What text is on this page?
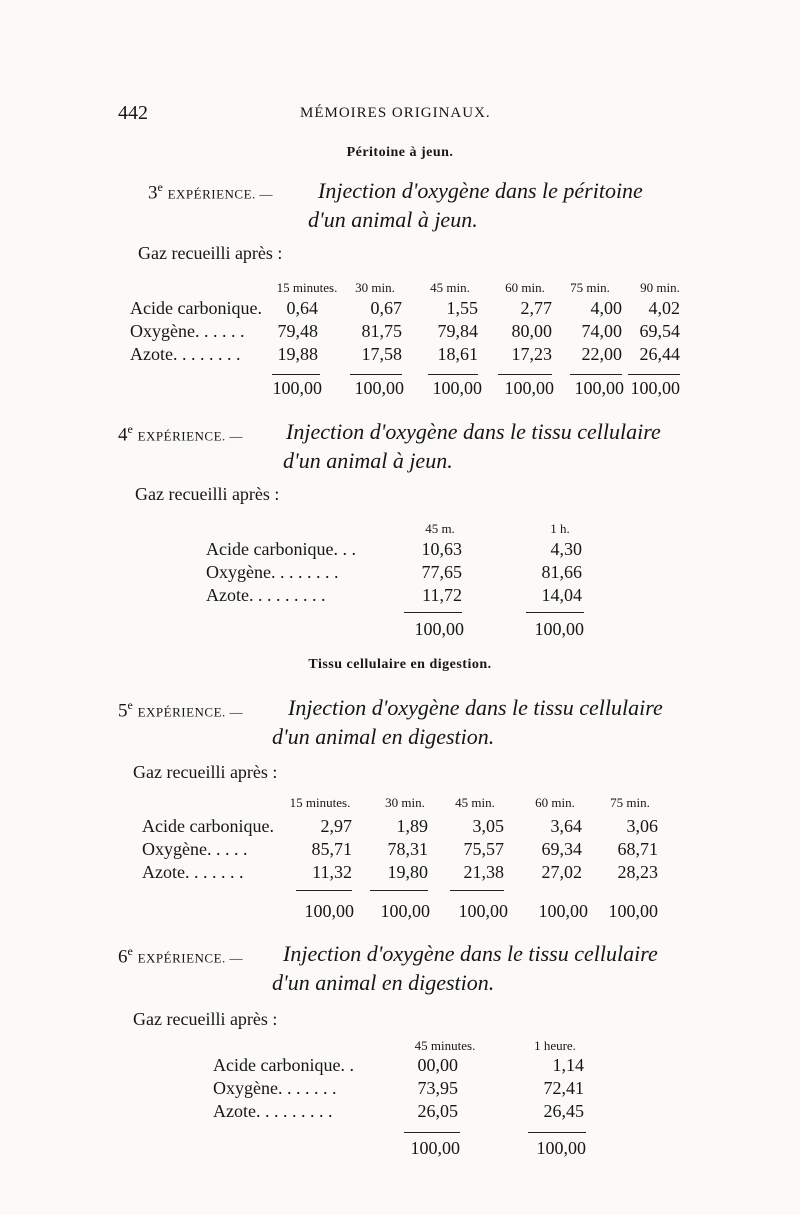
442	MÉMOIRES ORIGINAUX.
Péritoine à jeun.
3e EXPÉRIENCE. — Injection d'oxygène dans le péritoine
d'un animal à jeun.
Gaz recueilli après :
15 minutes.	30 min.	45 min.	60 min.	75 min.	90 min.
Acide carbonique.	0,64	0,67	1,55	2,77	4,00	4,02
Oxygène. . . . . .	79,48	81,75	79,84	80,00	74,00 69,54
Azote. . . . . . . .	19,88	17,58	18,61	17,23	22,00 26,44
100,00	100,00	100,00	100,00	100,00 100,00
4e EXPÉRIENCE. — Injection d'oxygène dans le tissu cellulaire
d'un animal à jeun.
Gaz recueilli après :
45 m.	1 h.
Acide carbonique. . .	10,63	4,30
Oxygène. . . . . . . .	77,65	81,66
Azote. . . . . . . . .	11,72	14,04
100,00	100,00
Tissu cellulaire en digestion.
5e EXPÉRIENCE. — Injection d'oxygène dans le tissu cellulaire
d'un animal en digestion.
Gaz recueilli après :
15 minutes.	30 min.	45 min.	60 min.	75 min.
Acide carbonique.	2,97	1,89	3,05	3,64	3,06
Oxygène. . . . .	85,71	78,31	75,57	69,34	68,71
Azote. . . . . . .	11,32	19,80	21,38	27,02	28,23
100,00	100,00	100,00	100,00	100,00
6e EXPÉRIENCE. — Injection d'oxygène dans le tissu cellulaire
d'un animal en digestion.
Gaz recueilli après :
45 minutes.	1 heure.
Acide carbonique. .	00,00	1,14
Oxygène. . . . . . .	73,95	72,41
Azote. . . . . . . . .	26,05	26,45
100,00	100,00
